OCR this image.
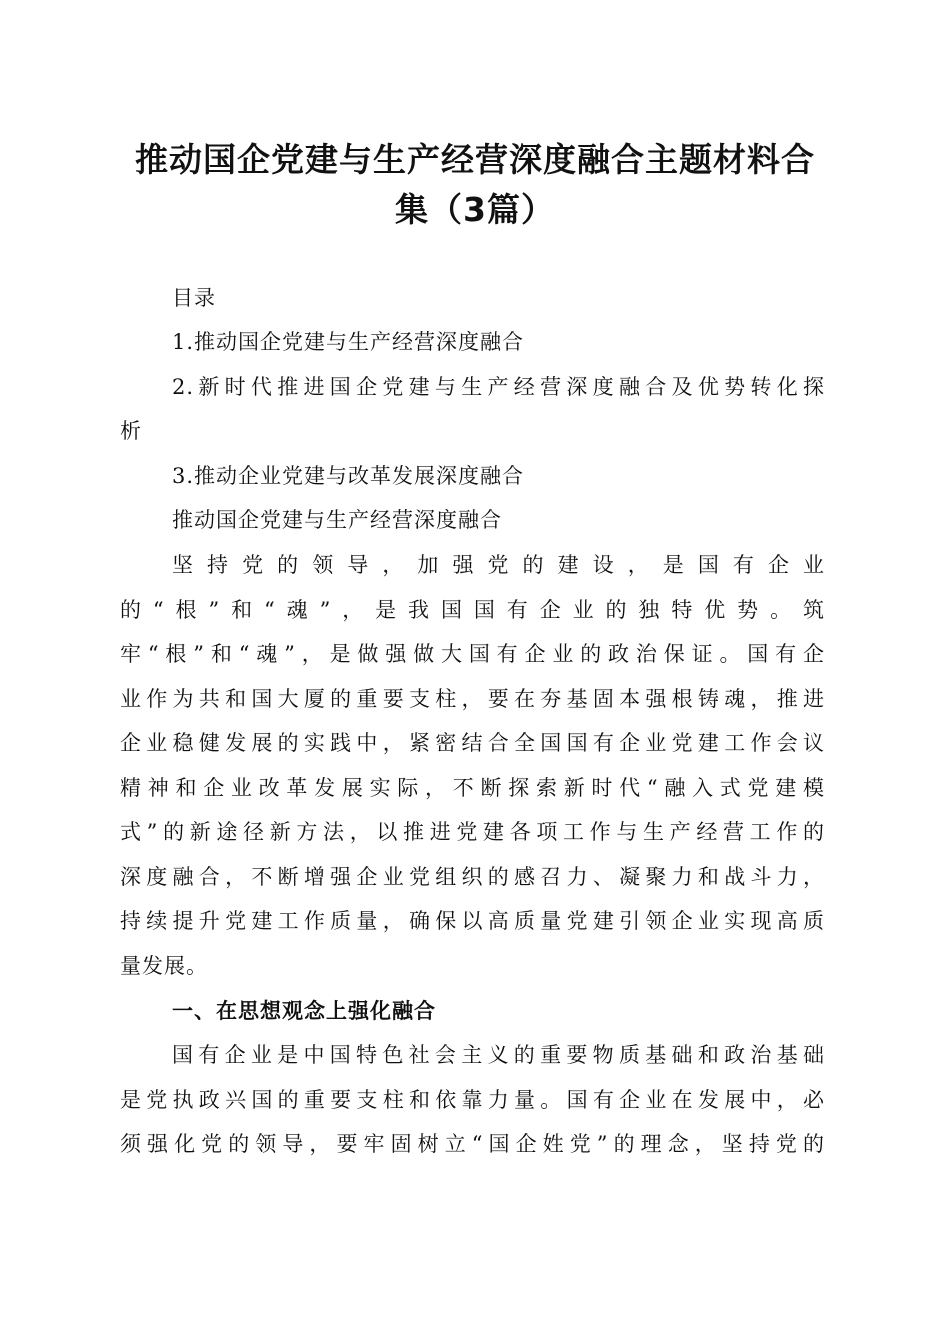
推动国企党建与生产经营深度融合主题材料合
集（3篇）
目录
1.推动国企党建与生产经营深度融合
2.新时代推进国企党建与生产经营深度融合及优势转化探
析
3.推动企业党建与改革发展深度融合
推动国企党建与生产经营深度融合
坚持党的领导，加强党的建设，是国有企业
的“根”和“魂”，是我国国有企业的独特优势。筑
牢“根”和“魂”，是做强做大国有企业的政治保证。国有企
业作为共和国大厦的重要支柱，要在夯基固本强根铸魂，推进
企业稳健发展的实践中，紧密结合全国国有企业党建工作会议
精神和企业改革发展实际，不断探索新时代“融入式党建模
式”的新途径新方法，以推进党建各项工作与生产经营工作的
深度融合，不断增强企业党组织的感召力、凝聚力和战斗力，
持续提升党建工作质量，确保以高质量党建引领企业实现高质
量发展。
一、在思想观念上强化融合
国有企业是中国特色社会主义的重要物质基础和政治基础
是党执政兴国的重要支柱和依靠力量。国有企业在发展中，必
须强化党的领导，要牢固树立“国企姓党”的理念，坚持党的
